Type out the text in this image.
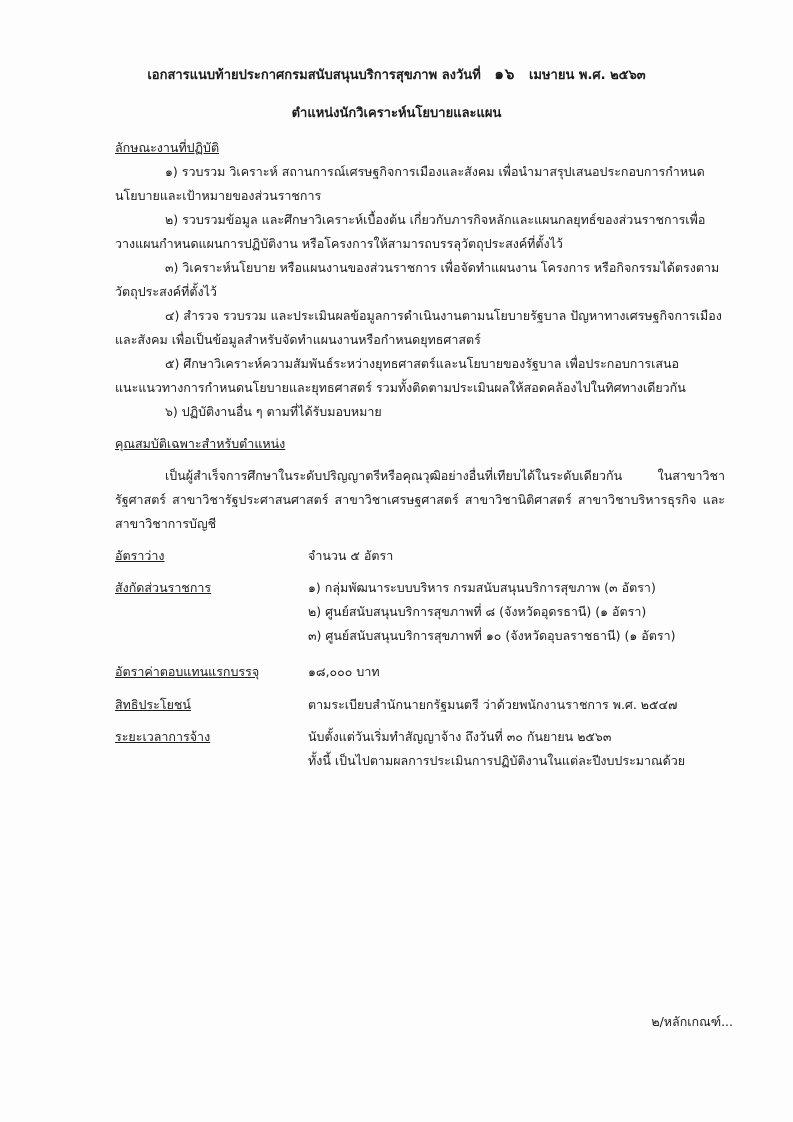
เอกสารแนบท้ายประกาศกรมสนับสนุนบริการสุขภาพ ลงวันที่ ๑๖ เมษายน พ.ศ. ๒๕๖๓
ตำแหน่งนักวิเคราะห์นโยบายและแผน

ลักษณะงานที่ปฏิบัติ

๑) รวบรวม วิเคราะห์ สถานการณ์เศรษฐกิจการเมืองและสังคม เพื่อนำมาสรุปเสนอประกอบการกำหนดนโยบายและเป้าหมายของส่วนราชการ

๒) รวบรวมข้อมูล และศึกษาวิเคราะห์เบื้องต้น เกี่ยวกับภารกิจหลักและแผนกลยุทธ์ของส่วนราชการเพื่อวางแผนกำหนดแผนการปฏิบัติงาน หรือโครงการให้สามารถบรรลุวัตถุประสงค์ที่ตั้งไว้

๓) วิเคราะห์นโยบาย หรือแผนงานของส่วนราชการ เพื่อจัดทำแผนงาน โครงการ หรือกิจกรรมได้ตรงตามวัตถุประสงค์ที่ตั้งไว้

๔) สำรวจ รวบรวม และประเมินผลข้อมูลการดำเนินงานตามนโยบายรัฐบาล ปัญหาทางเศรษฐกิจการเมือง และสังคม เพื่อเป็นข้อมูลสำหรับจัดทำแผนงานหรือกำหนดยุทธศาสตร์

๕) ศึกษาวิเคราะห์ความสัมพันธ์ระหว่างยุทธศาสตร์และนโยบายของรัฐบาล เพื่อประกอบการเสนอแนะแนวทางการกำหนดนโยบายและยุทธศาสตร์ รวมทั้งติดตามประเมินผลให้สอดคล้องไปในทิศทางเดียวกัน

๖) ปฏิบัติงานอื่น ๆ ตามที่ได้รับมอบหมาย

คุณสมบัติเฉพาะสำหรับตำแหน่ง

เป็นผู้สำเร็จการศึกษาในระดับปริญญาตรีหรือคุณวุฒิอย่างอื่นที่เทียบได้ในระดับเดียวกัน ในสาขาวิชารัฐศาสตร์ สาขาวิชารัฐประศาสนศาสตร์ สาขาวิชาเศรษฐศาสตร์ สาขาวิชานิติศาสตร์ สาขาวิชาบริหารธุรกิจ และสาขาวิชาการบัญชี

อัตราว่าง	จำนวน ๕ อัตรา
สังกัดส่วนราชการ	๑) กลุ่มพัฒนาระบบบริหาร กรมสนับสนุนบริการสุขภาพ (๓ อัตรา)

๒) ศูนย์สนับสนุนบริการสุขภาพที่ ๘ (จังหวัดอุดรธานี) (๑ อัตรา)

๓) ศูนย์สนับสนุนบริการสุขภาพที่ ๑๐ (จังหวัดอุบลราชธานี) (๑ อัตรา)

อัตราค่าตอบแทนแรกบรรจุ	๑๘,๐๐๐ บาท
สิทธิประโยชน์	ตามระเบียบสำนักนายกรัฐมนตรี ว่าด้วยพนักงานราชการ พ.ศ. ๒๕๔๗
ระยะเวลาการจ้าง	นับตั้งแต่วันเริ่มทำสัญญาจ้าง ถึงวันที่ ๓๐ กันยายน ๒๕๖๓

ทั้งนี้ เป็นไปตามผลการประเมินการปฏิบัติงานในแต่ละปีงบประมาณด้วย

๒/หลักเกณฑ์...
